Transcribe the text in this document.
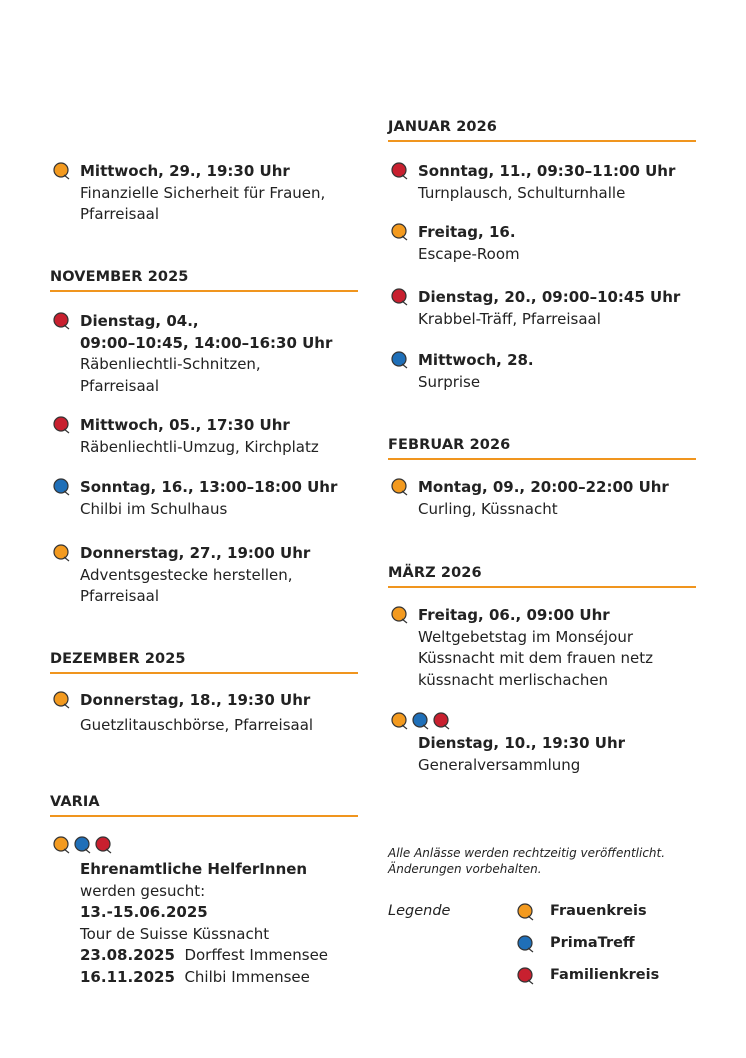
Mittwoch, 29., 19:30 Uhr
Finanzielle Sicherheit für Frauen,
Pfarreisaal
NOVEMBER 2025
Dienstag, 04.,
09:00–10:45, 14:00–16:30 Uhr
Räbenliechtli-Schnitzen,
Pfarreisaal
Mittwoch, 05., 17:30 Uhr
Räbenliechtli-Umzug, Kirchplatz
Sonntag, 16., 13:00–18:00 Uhr
Chilbi im Schulhaus
Donnerstag, 27., 19:00 Uhr
Adventsgestecke herstellen,
Pfarreisaal
DEZEMBER 2025
Donnerstag, 18., 19:30 Uhr
Guetzlitauschbörse, Pfarreisaal
VARIA
Ehrenamtliche HelferInnen
werden gesucht:
13.-15.06.2025
Tour de Suisse Küssnacht
23.08.2025 Dorffest Immensee
16.11.2025 Chilbi Immensee
JANUAR 2026
Sonntag, 11., 09:30–11:00 Uhr
Turnplausch, Schulturnhalle
Freitag, 16.
Escape-Room
Dienstag, 20., 09:00–10:45 Uhr
Krabbel-Träff, Pfarreisaal
Mittwoch, 28.
Surprise
FEBRUAR 2026
Montag, 09., 20:00–22:00 Uhr
Curling, Küssnacht
MÄRZ 2026
Freitag, 06., 09:00 Uhr
Weltgebetstag im Monséjour
Küssnacht mit dem frauen netz
küssnacht merlischachen
Dienstag, 10., 19:30 Uhr
Generalversammlung
Alle Anlässe werden rechtzeitig veröffentlicht.
Änderungen vorbehalten.
Legende	Frauenkreis
PrimaTreff
Familienkreis
